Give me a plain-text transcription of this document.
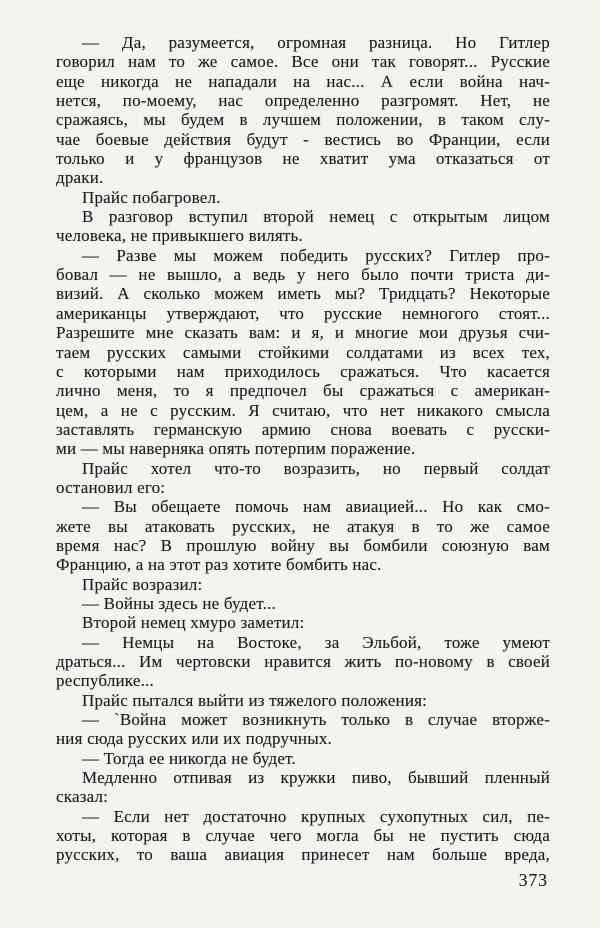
— Да, разумеется, огромная разница. Но Гитлер
говорил нам то же самое. Все они так говорят... Русские
еще никогда не нападали на нас... А если война нач-
нется, по-моему, нас определенно разгромят. Нет, не
сражаясь, мы будем в лучшем положении, в таком слу-
чае боевые действия будут - вестись во Франции, если
только и у французов не хватит ума отказаться от
драки.

Прайс побагровел.

В разговор вступил второй немец с открытым лицом
человека, не привыкшего вилять.

— Разве мы можем победить русских? Гитлер про-
бовал — не вышло, а ведь у него было почти триста ди-
визий. А сколько можем иметь мы? Тридцать? Некоторые
американцы утверждают, что русские немногого стоят...
Разрешите мне сказать вам: и я, и многие мои друзья счи-
таем русских самыми стойкими солдатами из всех тех,
с которыми нам приходилось сражаться. Что касается
лично меня, то я предпочел бы сражаться с американ-
цем, а не с русским. Я считаю, что нет никакого смысла
заставлять германскую армию снова воевать с русски-
ми — мы наверняка опять потерпим поражение.

Прайс хотел что-то возразить, но первый солдат
остановил его:

— Вы обещаете помочь нам авиацией... Но как смо-
жете вы атаковать русских, не атакуя в то же самое
время нас? В прошлую войну вы бомбили союзную вам
Францию, а на этот раз хотите бомбить нас.

Прайс возразил:

— Войны здесь не будет...

Второй немец хмуро заметил:

— Немцы на Востоке, за Эльбой, тоже умеют
драться... Им чертовски нравится жить по-новому в своей
республике...

Прайс пытался выйти из тяжелого положения:

— `Война может возникнуть только в случае вторже-
ния сюда русских или их подручных.

— Тогда ее никогда не будет.

Медленно отпивая из кружки пиво, бывший пленный
сказал:

— Если нет достаточно крупных сухопутных сил, пе-
хоты, которая в случае чего могла бы не пустить сюда
русских, то ваша авиация принесет нам больше вреда,

373
